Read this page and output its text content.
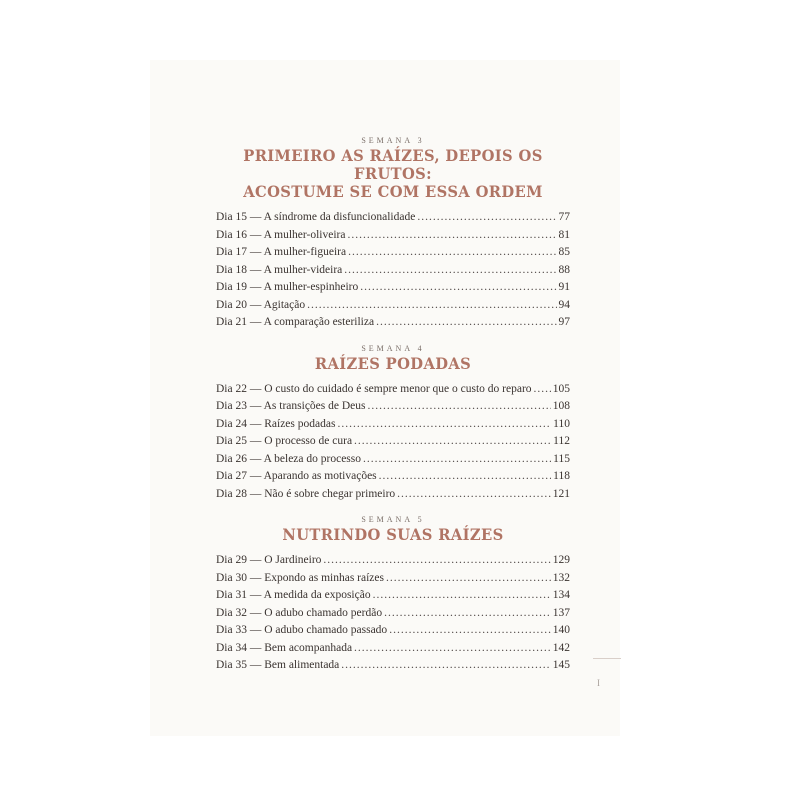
I
SEMANA 3
PRIMEIRO AS RAÍZES, DEPOIS OS FRUTOS:
ACOSTUME SE COM ESSA ORDEM
Dia 15 — A síndrome da disfuncionalidade .....	77
Dia 16 — A mulher-oliveira .....	81
Dia 17 — A mulher-figueira .....	85
Dia 18 — A mulher-videira .....	88
Dia 19 — A mulher-espinheiro .....	91
Dia 20 — Agitação .....	94
Dia 21 — A comparação esteriliza .....	97
SEMANA 4
RAÍZES PODADAS
Dia 22 — O custo do cuidado é sempre menor que o custo do reparo ..... 105
Dia 23 — As transições de Deus .....	108
Dia 24 — Raízes podadas .....	110
Dia 25 — O processo de cura .....	112
Dia 26 — A beleza do processo .....	115
Dia 27 — Aparando as motivações .....	118
Dia 28 — Não é sobre chegar primeiro .....	121
SEMANA 5
NUTRINDO SUAS RAÍZES
Dia 29 — O Jardineiro .....	129
Dia 30 — Expondo as minhas raízes .....	132
Dia 31 — A medida da exposição .....	134
Dia 32 — O adubo chamado perdão .....	137
Dia 33 — O adubo chamado passado .....	140
Dia 34 — Bem acompanhada .....	142
Dia 35 — Bem alimentada .....	145
